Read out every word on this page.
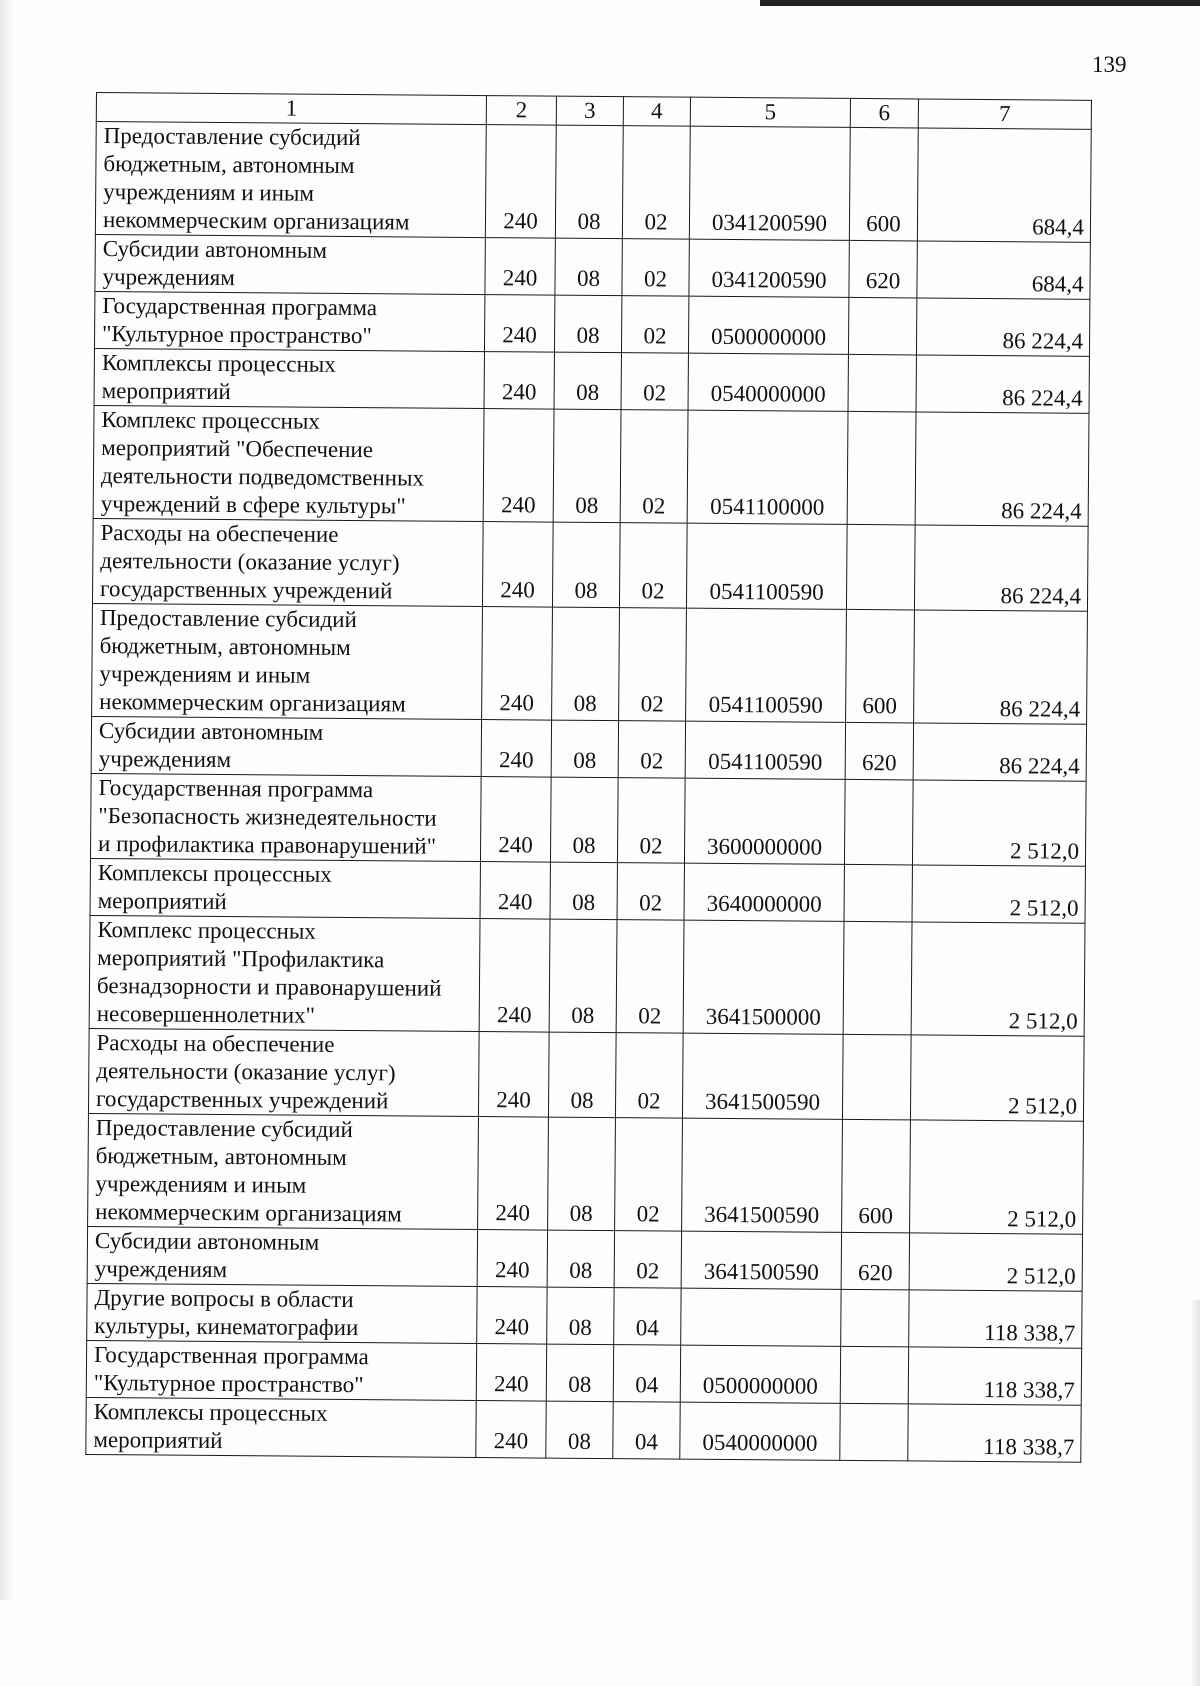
139
1	2	3	4	5	6	7
Предоставление субсидий
бюджетным, автономным
учреждениям и иным
некоммерческим организациям	240	08	02	0341200590	600	684,4
Субсидии автономным
учреждениям	240	08	02	0341200590	620	684,4
Государственная программа
"Культурное пространство"	240	08	02	0500000000		86 224,4
Комплексы процессных
мероприятий	240	08	02	0540000000		86 224,4
Комплекс процессных
мероприятий "Обеспечение
деятельности подведомственных
учреждений в сфере культуры"	240	08	02	0541100000		86 224,4
Расходы на обеспечение
деятельности (оказание услуг)
государственных учреждений	240	08	02	0541100590		86 224,4
Предоставление субсидий
бюджетным, автономным
учреждениям и иным
некоммерческим организациям	240	08	02	0541100590	600	86 224,4
Субсидии автономным
учреждениям	240	08	02	0541100590	620	86 224,4
Государственная программа
"Безопасность жизнедеятельности
и профилактика правонарушений"	240	08	02	3600000000		2 512,0
Комплексы процессных
мероприятий	240	08	02	3640000000		2 512,0
Комплекс процессных
мероприятий "Профилактика
безнадзорности и правонарушений
несовершеннолетних"	240	08	02	3641500000		2 512,0
Расходы на обеспечение
деятельности (оказание услуг)
государственных учреждений	240	08	02	3641500590		2 512,0
Предоставление субсидий
бюджетным, автономным
учреждениям и иным
некоммерческим организациям	240	08	02	3641500590	600	2 512,0
Субсидии автономным
учреждениям	240	08	02	3641500590	620	2 512,0
Другие вопросы в области
культуры, кинематографии	240	08	04			118 338,7
Государственная программа
"Культурное пространство"	240	08	04	0500000000		118 338,7
Комплексы процессных
мероприятий	240	08	04	0540000000		118 338,7
